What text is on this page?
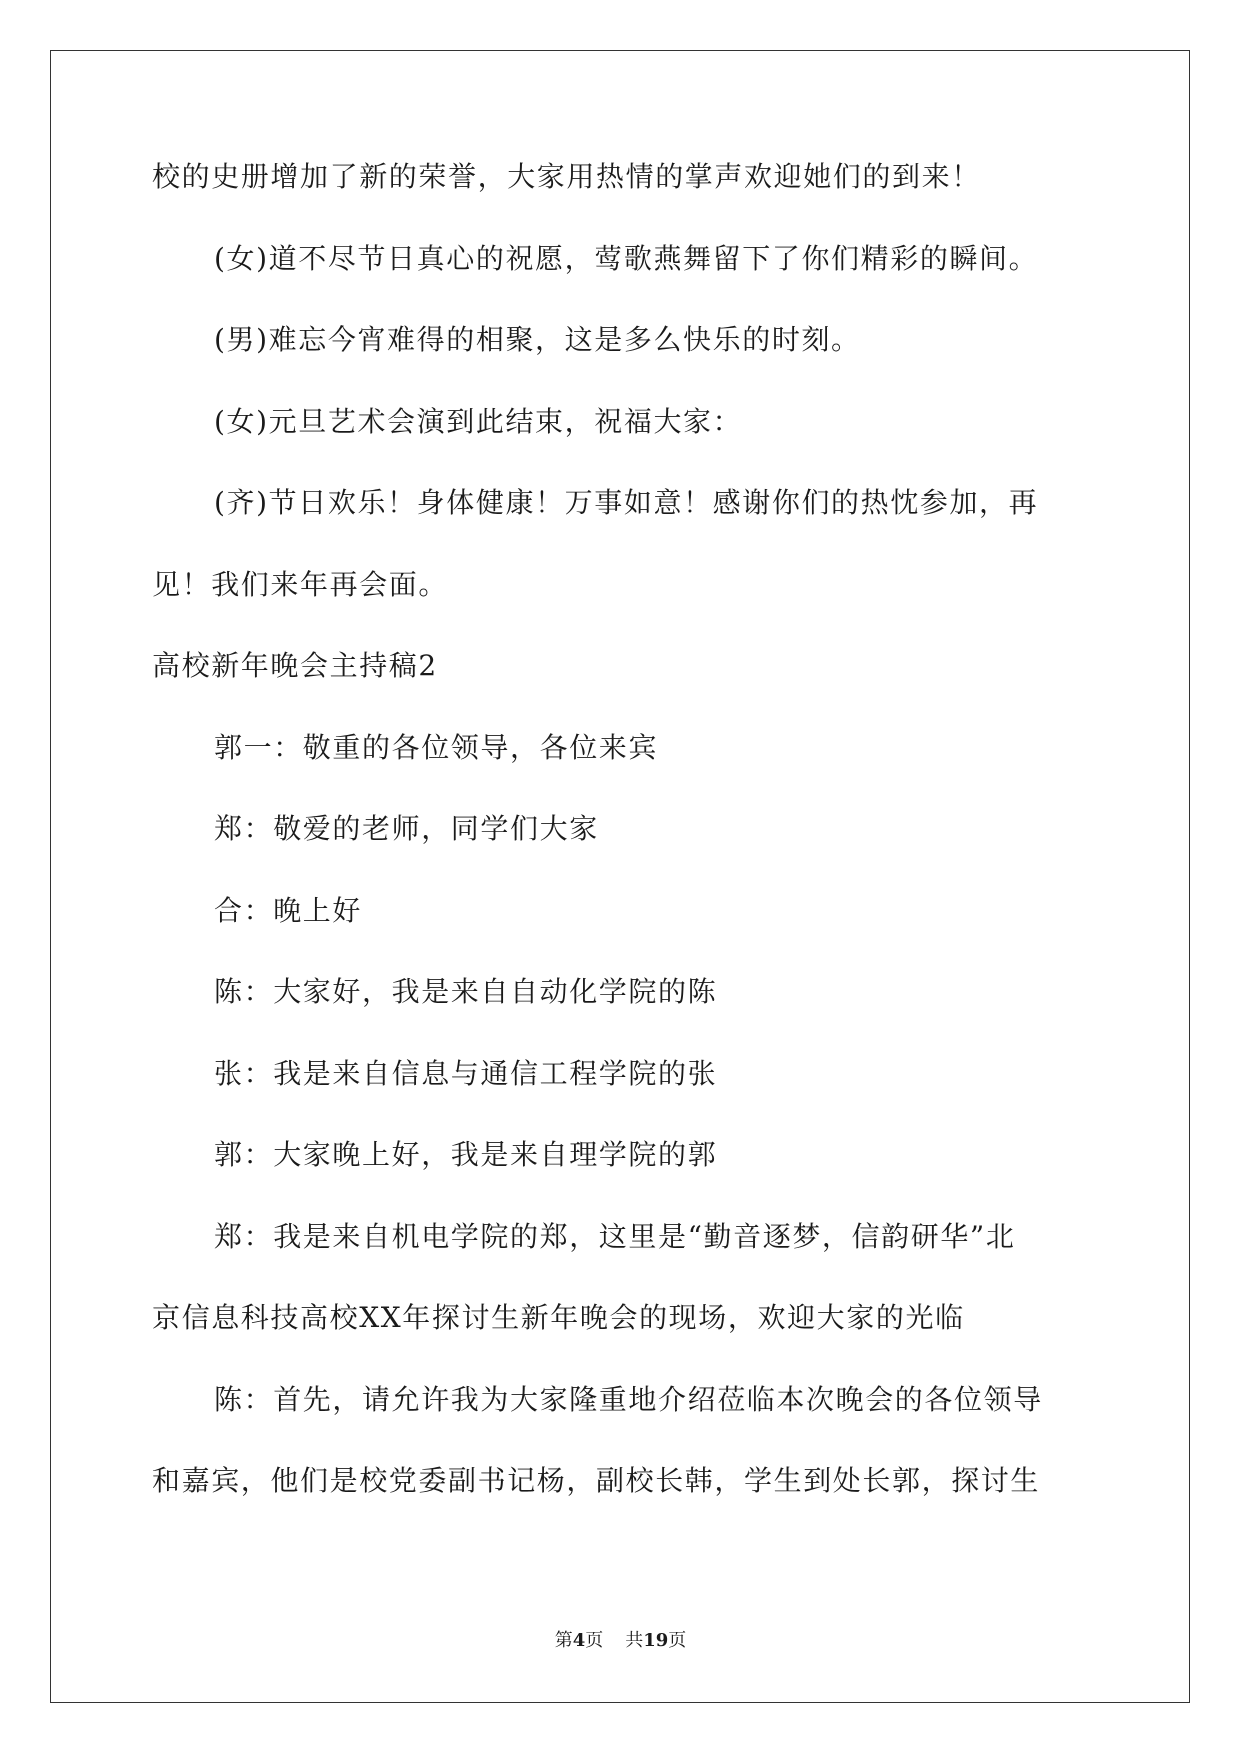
校的史册增加了新的荣誉，大家用热情的掌声欢迎她们的到来！
(女)道不尽节日真心的祝愿，莺歌燕舞留下了你们精彩的瞬间。
(男)难忘今宵难得的相聚，这是多么快乐的时刻。
(女)元旦艺术会演到此结束，祝福大家：
(齐)节日欢乐！身体健康！万事如意！感谢你们的热忱参加，再
见！我们来年再会面。
高校新年晚会主持稿2
郭一：敬重的各位领导，各位来宾
郑：敬爱的老师，同学们大家
合：晚上好
陈：大家好，我是来自自动化学院的陈
张：我是来自信息与通信工程学院的张
郭：大家晚上好，我是来自理学院的郭
郑：我是来自机电学院的郑，这里是“勤音逐梦，信韵研华”北
京信息科技高校XX年探讨生新年晚会的现场，欢迎大家的光临
陈：首先，请允许我为大家隆重地介绍莅临本次晚会的各位领导
和嘉宾，他们是校党委副书记杨，副校长韩，学生到处长郭，探讨生
第4页 共19页
